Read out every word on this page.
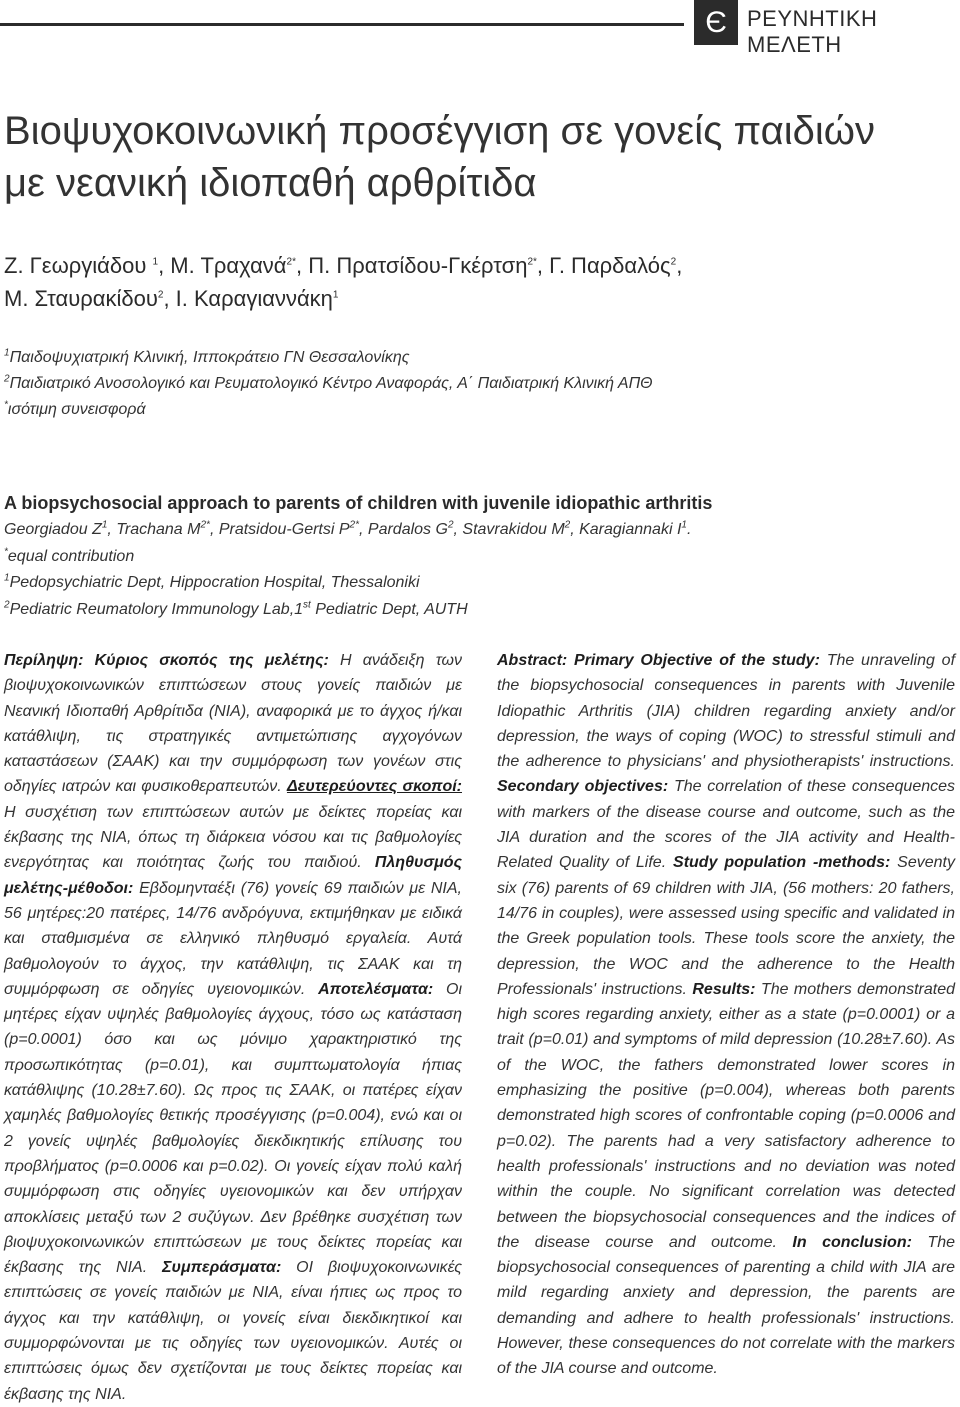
Є ΡΕΥΝΗΤΙΚΗ ΜΕΛΕΤΗ
Βιοψυχοκοινωνική προσέγγιση σε γονείς παιδιών
με νεανική ιδιοπαθή αρθρίτιδα
Ζ. Γεωργιάδου $^1$, Μ. Τραχανά$^{2*}$, Π. Πρατσίδου-Γκέρτση$^{2*}$, Γ. Παρδαλός$^2$,
Μ. Σταυρακίδου$^2$, Ι. Καραγιαννάκη$^1$
$^1$Παιδοψυχιατρική Κλινική, Ιπποκράτειο ΓΝ Θεσσαλονίκης
$^2$Παιδιατρικό Ανοσολογικό και Ρευματολογικό Κέντρο Αναφοράς, Α΄ Παιδιατρική Κλινική ΑΠΘ
*ισότιμη συνεισφορά
A biopsychosocial approach to parents of children with juvenile idiopathic arthritis
Georgiadou $Z^1$, Trachana $M^{2*}$, Pratsidou-Gertsi $P^{2*}$, Pardalos $G^2$, Stavrakidou $M^2$, Karagiannaki $I^1$.
*equal contribution
$^1$Pedopsychiatric Dept, Hippocration Hospital, Thessaloniki
$^2$Pediatric Reumatolory Immunology Lab,1st Pediatric Dept, AUTH
Περίληψη: Κύριος σκοπός της μελέτης: Η ανάδειξη των βιοψυχοκοινωνικών επιπτώσεων στους γονείς παιδιών με Νεανική Ιδιοπαθή Αρθρίτιδα (ΝΙΑ), αναφορικά με το άγχος ή/και κατάθλιψη, τις στρατηγικές αντιμετώπισης αγχογόνων καταστάσεων (ΣΑΑΚ) και την συμμόρφωση των γονέων στις οδηγίες ιατρών και φυσικοθεραπευτών. Δευτερεύοντες σκοποί: Η συσχέτιση των επιπτώσεων αυτών με δείκτες πορείας και έκβασης της ΝΙΑ, όπως τη διάρκεια νόσου και τις βαθμολογίες ενεργότητας και ποιότητας ζωής του παιδιού. Πληθυσμός μελέτης-μέθοδοι: Εβδομηνταέξι (76) γονείς 69 παιδιών με ΝΙΑ, 56 μητέρες:20 πατέρες, 14/76 ανδρόγυνα, εκτιμήθηκαν με ειδικά και σταθμισμένα σε ελληνικό πληθυσμό εργαλεία. Αυτά βαθμολογούν το άγχος, την κατάθλιψη, τις ΣΑΑΚ και τη συμμόρφωση σε οδηγίες υγειονομικών. Αποτελέσματα: Οι μητέρες είχαν υψηλές βαθμολογίες άγχους, τόσο ως κατάσταση (p=0.0001) όσο και ως μόνιμο χαρακτηριστικό της προσωπικότητας (p=0.01), και συμπτωματολογία ήπιας κατάθλιψης (10.28±7.60). Ως προς τις ΣΑΑΚ, οι πατέρες είχαν χαμηλές βαθμολογίες θετικής προσέγγισης (p=0.004), ενώ και οι 2 γονείς υψηλές βαθμολογίες διεκδικητικής επίλυσης του προβλήματος (p=0.0006 και p=0.02). Οι γονείς είχαν πολύ καλή συμμόρφωση στις οδηγίες υγειονομικών και δεν υπήρχαν αποκλίσεις μεταξύ των 2 συζύγων. Δεν βρέθηκε συσχέτιση των βιοψυχοκοινωνικών επιπτώσεων με τους δείκτες πορείας και έκβασης της ΝΙΑ. Συμπεράσματα: ΟΙ βιοψυχοκοινωνικές επιπτώσεις σε γονείς παιδιών με ΝΙΑ, είναι ήπιες ως προς το άγχος και την κατάθλιψη, οι γονείς είναι διεκδικητικοί και συμμορφώνονται με τις οδηγίες των υγειονομικών. Αυτές οι επιπτώσεις όμως δεν σχετίζονται με τους δείκτες πορείας και έκβασης της ΝΙΑ.
Abstract: Primary Objective of the study: The unraveling of the biopsychosocial consequences in parents with Juvenile Idiopathic Arthritis (JIA) children regarding anxiety and/or depression, the ways of coping (WOC) to stressful stimuli and the adherence to physicians' and physiotherapists' instructions. Secondary objectives: The correlation of these consequences with markers of the disease course and outcome, such as the JIA duration and the scores of the JIA activity and Health-Related Quality of Life. Study population -methods: Seventy six (76) parents of 69 children with JIA, (56 mothers: 20 fathers, 14/76 in couples), were assessed using specific and validated in the Greek population tools. These tools score the anxiety, the depression, the WOC and the adherence to the Health Professionals' instructions. Results: The mothers demonstrated high scores regarding anxiety, either as a state (p=0.0001) or a trait (p=0.01) and symptoms of mild depression (10.28±7.60). As of the WOC, the fathers demonstrated lower scores in emphasizing the positive (p=0.004), whereas both parents demonstrated high scores of confrontable coping (p=0.0006 and p=0.02). The parents had a very satisfactory adherence to health professionals' instructions and no deviation was noted within the couple. No significant correlation was detected between the biopsychosocial consequences and the indices of the disease course and outcome. In conclusion: The biopsychosocial consequences of parenting a child with JIA are mild regarding anxiety and depression, the parents are demanding and adhere to health professionals' instructions. However, these consequences do not correlate with the markers of the JIA course and outcome.
